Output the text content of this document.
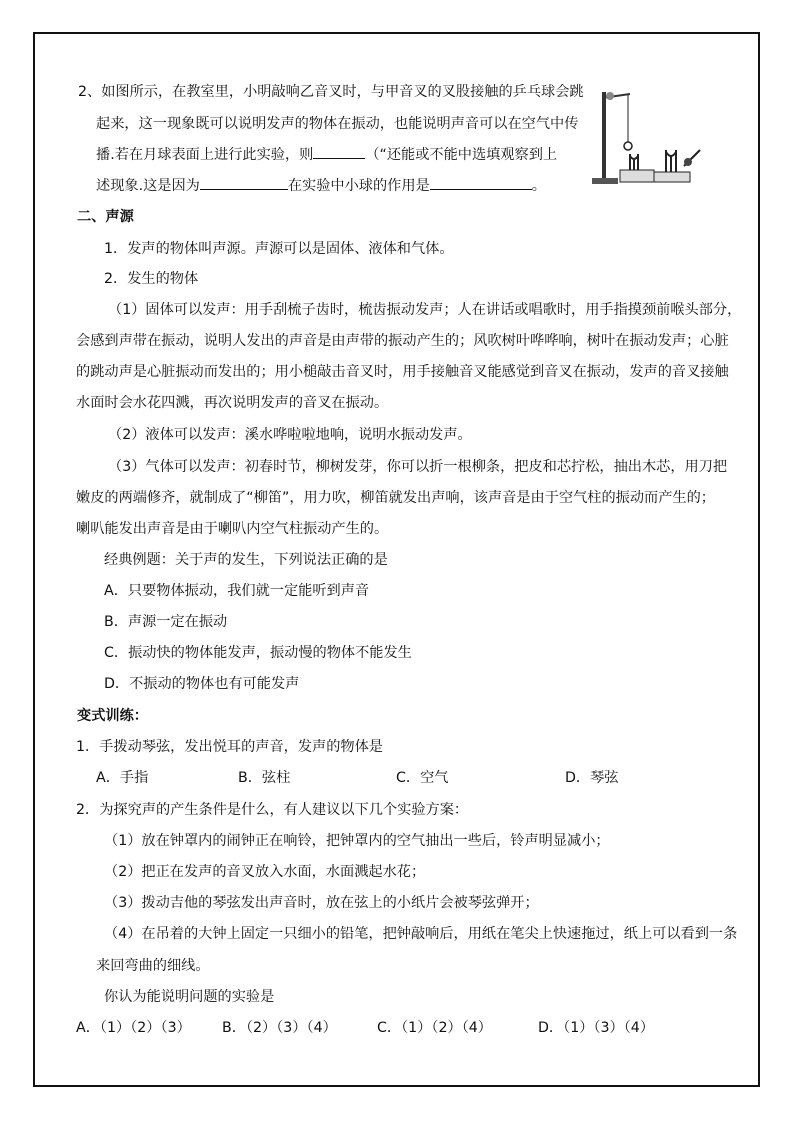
2、如图所示，在教室里，小明敲响乙音叉时，与甲音叉的叉股接触的乒乓球会跳
起来，这一现象既可以说明发声的物体在振动，也能说明声音可以在空气中传
播.若在月球表面上进行此实验，则	（“还能或不能中选填观察到上
述现象.这是因为	在实验中小球的作用是	。
二、声源
1．发声的物体叫声源。声源可以是固体、液体和气体。
2．发生的物体
（1）固体可以发声：用手刮梳子齿时，梳齿振动发声；人在讲话或唱歌时，用手指摸颈前喉头部分，
会感到声带在振动，说明人发出的声音是由声带的振动产生的；风吹树叶哗哗响，树叶在振动发声；心脏
的跳动声是心脏振动而发出的；用小槌敲击音叉时，用手接触音叉能感觉到音叉在振动，发声的音叉接触
水面时会水花四溅，再次说明发声的音叉在振动。
（2）液体可以发声：溪水哗啦啦地响，说明水振动发声。
（3）气体可以发声：初春时节，柳树发芽，你可以折一根柳条，把皮和芯拧松，抽出木芯，用刀把
嫩皮的两端修齐，就制成了“柳笛”，用力吹，柳笛就发出声响，该声音是由于空气柱的振动而产生的；
喇叭能发出声音是由于喇叭内空气柱振动产生的。
经典例题：关于声的发生，下列说法正确的是
A．只要物体振动，我们就一定能听到声音
B．声源一定在振动
C．振动快的物体能发声，振动慢的物体不能发生
D．不振动的物体也有可能发声
变式训练：
1．手拨动琴弦，发出悦耳的声音，发声的物体是
A．手指	B．弦柱	C．空气	D．琴弦
2．为探究声的产生条件是什么，有人建议以下几个实验方案：
（1）放在钟罩内的闹钟正在响铃，把钟罩内的空气抽出一些后，铃声明显减小；
（2）把正在发声的音叉放入水面，水面溅起水花；
（3）拨动吉他的琴弦发出声音时，放在弦上的小纸片会被琴弦弹开；
（4）在吊着的大钟上固定一只细小的铅笔，把钟敲响后，用纸在笔尖上快速拖过，纸上可以看到一条
来回弯曲的细线。
你认为能说明问题的实验是
A．（1）（2）（3） B．（2）（3）（4）	C．（1）（2）（4）	D．（1）（3）（4）
